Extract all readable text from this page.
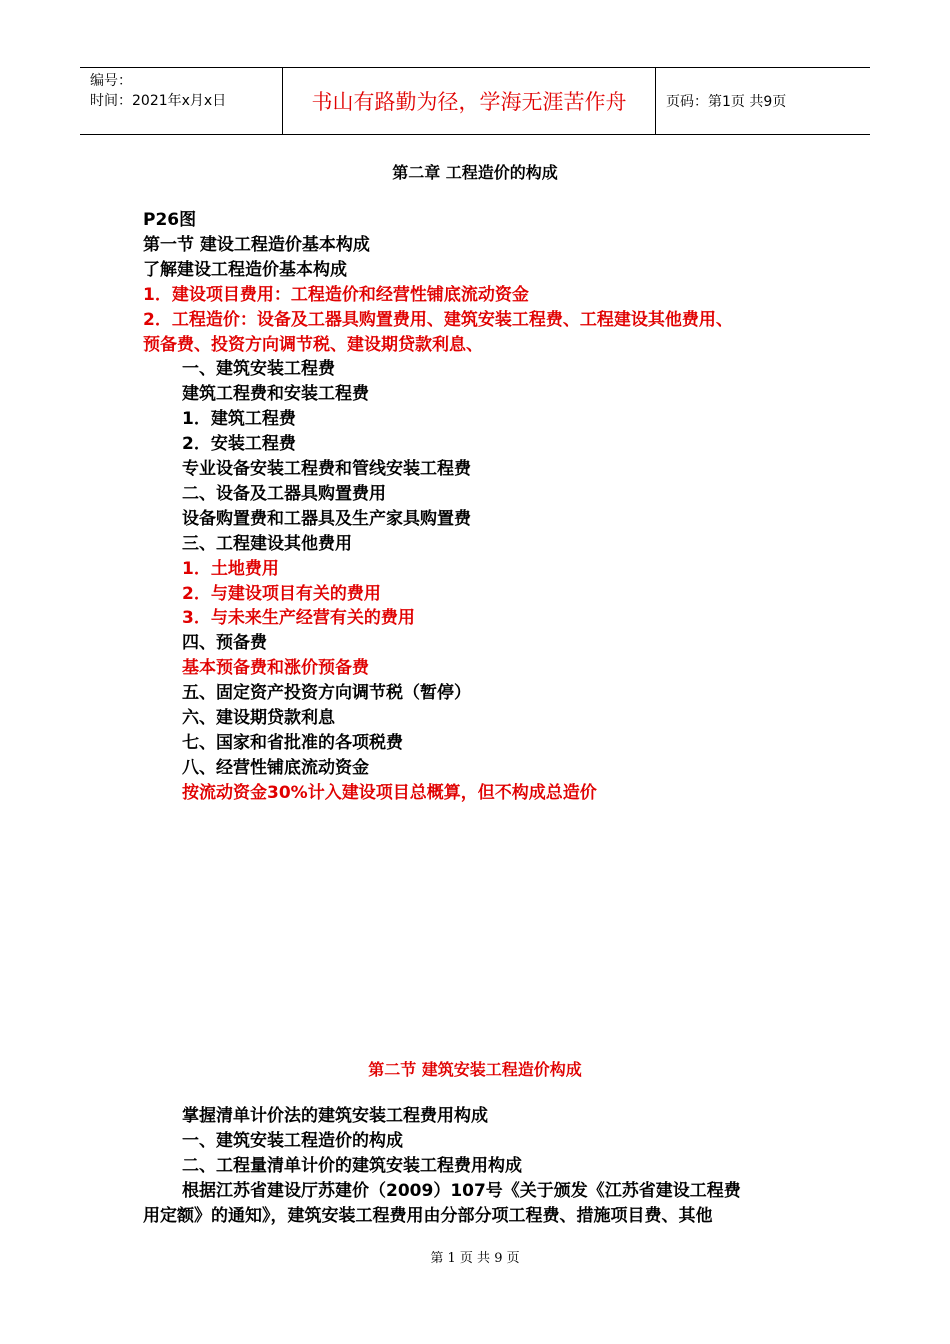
编号：
时间：2021年x月x日	书山有路勤为径，学海无涯苦作舟	页码：第1页 共9页
第二章 工程造价的构成
P26图
第一节 建设工程造价基本构成
了解建设工程造价基本构成
1．建设项目费用：工程造价和经营性铺底流动资金
2．工程造价：设备及工器具购置费用、建筑安装工程费、工程建设其他费用、
预备费、投资方向调节税、建设期贷款利息、
一、建筑安装工程费
建筑工程费和安装工程费
1．建筑工程费
2．安装工程费
专业设备安装工程费和管线安装工程费
二、设备及工器具购置费用
设备购置费和工器具及生产家具购置费
三、工程建设其他费用
1．土地费用
2．与建设项目有关的费用
3．与未来生产经营有关的费用
四、预备费
基本预备费和涨价预备费
五、固定资产投资方向调节税（暂停）
六、建设期贷款利息
七、国家和省批准的各项税费
八、经营性铺底流动资金
按流动资金30%计入建设项目总概算，但不构成总造价
第二节 建筑安装工程造价构成
掌握清单计价法的建筑安装工程费用构成
一、建筑安装工程造价的构成
二、工程量清单计价的建筑安装工程费用构成
根据江苏省建设厅苏建价（2009）107号《关于颁发《江苏省建设工程费
用定额》的通知》，建筑安装工程费用由分部分项工程费、措施项目费、其他
第 1 页 共 9 页
